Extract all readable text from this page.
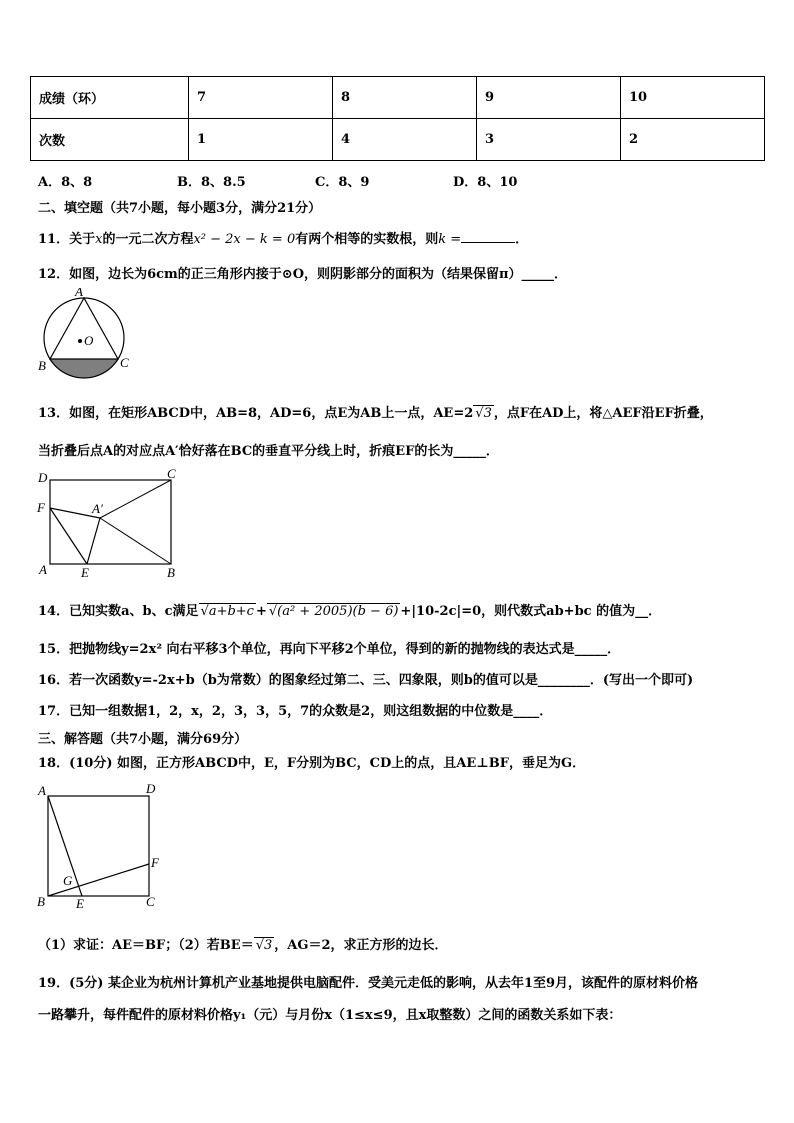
成绩（环）	7	8	9	10
次数	1	4	3	2
A．8、8	B．8、8.5	C．8、9	D．8、10
二、填空题（共7小题，每小题3分，满分21分）
11．关于x的一元二次方程x² − 2x − k = 0有两个相等的实数根，则k =	．
12．如图，边长为6cm的正三角形内接于⊙O，则阴影部分的面积为（结果保留π）_____．
A
O
B	C
13．如图，在矩形ABCD中，AB=8，AD=6，点E为AB上一点，AE=2 √3 ，点F在AD上，将△AEF沿EF折叠，
当折叠后点A的对应点A′恰好落在BC的垂直平分线上时，折痕EF的长为_____．
D	C
F	A′
A	E	B
14．已知实数a、b、c满足 √a+b+c + √(a² + 2005)(b − 6) +|10-2c|=0，则代数式ab+bc 的值为__．
15．把抛物线y=2x² 向右平移3个单位，再向下平移2个单位，得到的新的抛物线的表达式是_____．
16．若一次函数y=-2x+b（b为常数）的图象经过第二、三、四象限，则b的值可以是________．(写出一个即可)
17．已知一组数据1，2，x，2，3，3，5，7的众数是2，则这组数据的中位数是____．
三、解答题（共7小题，满分69分）
18．(10分) 如图，正方形ABCD中，E，F分别为BC，CD上的点，且AE⊥BF，垂足为G．
A	D
F
G
B E	C
（1）求证：AE＝BF；（2）若BE＝ √3 ，AG＝2，求正方形的边长．
19．(5分) 某企业为杭州计算机产业基地提供电脑配件．受美元走低的影响，从去年1至9月，该配件的原材料价格
一路攀升，每件配件的原材料价格y₁（元）与月份x（1≤x≤9，且x取整数）之间的函数关系如下表：
